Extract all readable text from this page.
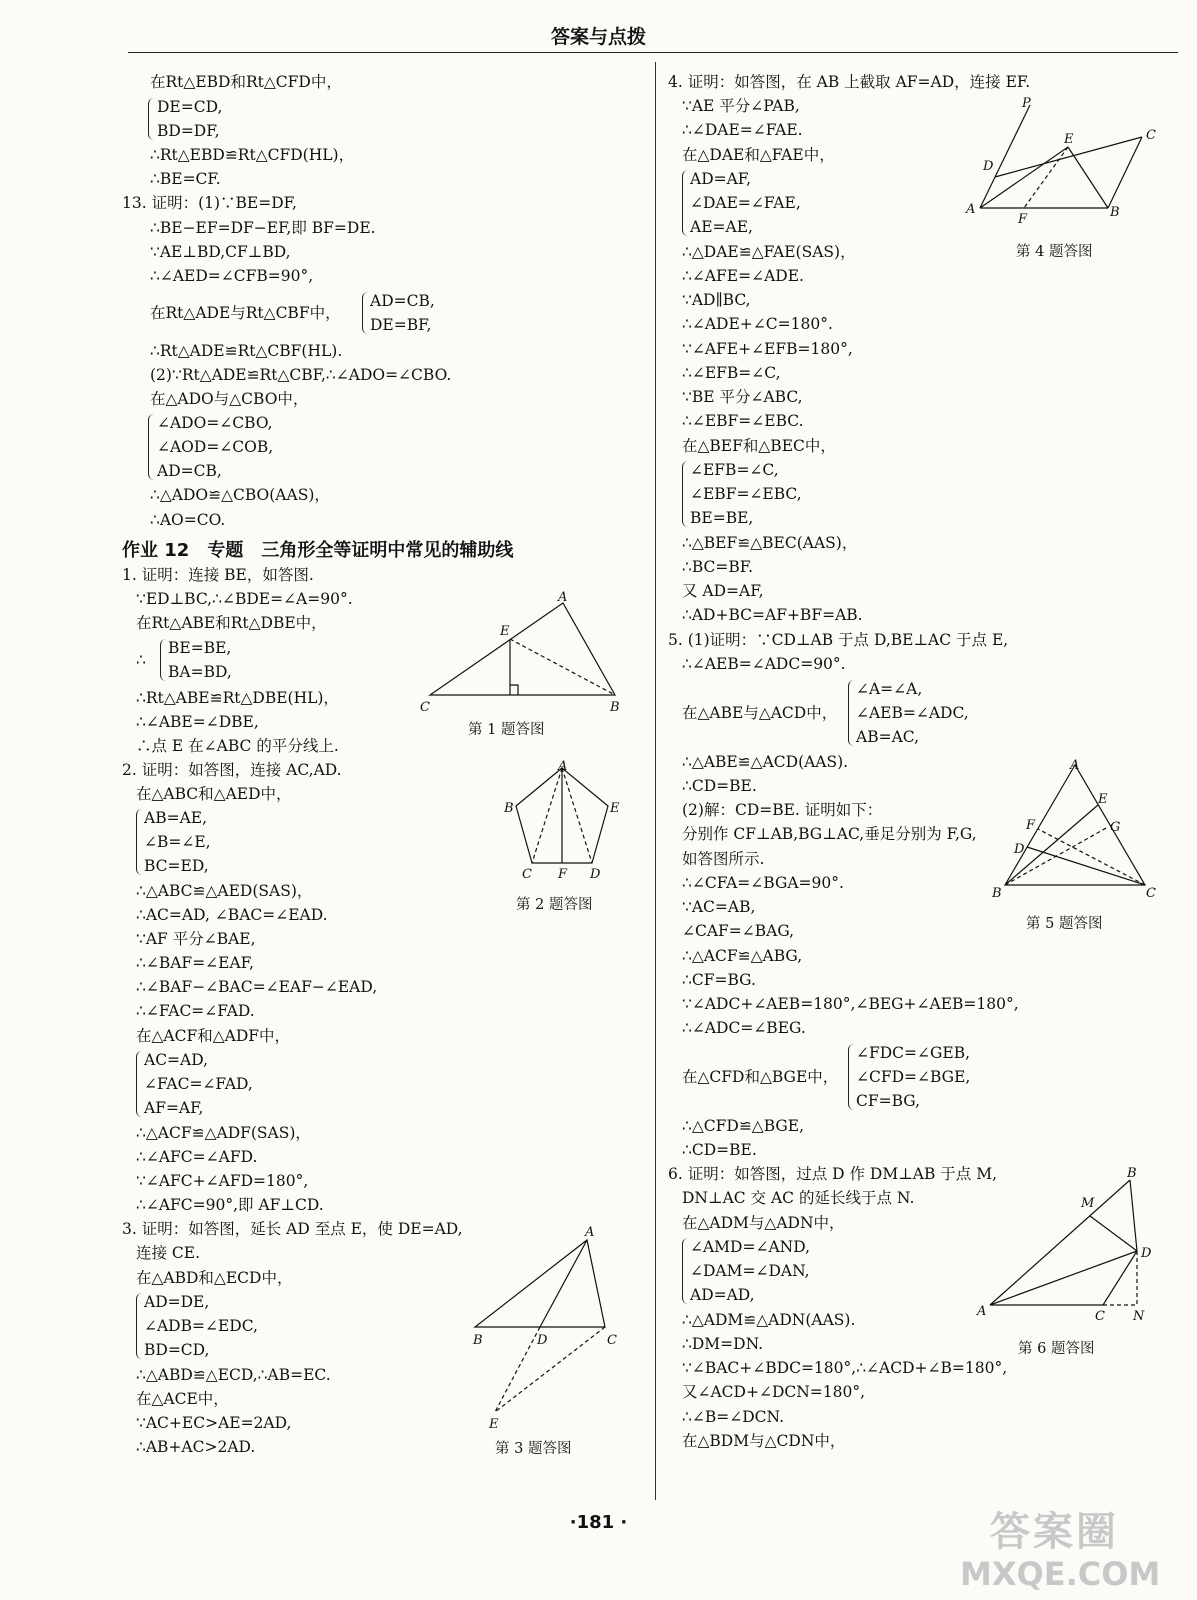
答案与点拨
在Rt△EBD和Rt△CFD中，
DE=CD,
BD=DF,
∴Rt△EBD≌Rt△CFD(HL)，
∴BE=CF.
13. 证明：(1)∵BE=DF,
∴BE−EF=DF−EF,即 BF=DE.
∵AE⊥BD,CF⊥BD,
∴∠AED=∠CFB=90°,
在Rt△ADE与Rt△CBF中，
AD=CB,
DE=BF,
∴Rt△ADE≌Rt△CBF(HL).
(2)∵Rt△ADE≌Rt△CBF,∴∠ADO=∠CBO.
在△ADO与△CBO中，
∠ADO=∠CBO,
∠AOD=∠COB,
AD=CB,
∴△ADO≌△CBO(AAS)，
∴AO=CO.
作业 12　专题　三角形全等证明中常见的辅助线
1. 证明：连接 BE，如答图.
∵ED⊥BC,∴∠BDE=∠A=90°.
在Rt△ABE和Rt△DBE中，
∴
BE=BE,
BA=BD,
∴Rt△ABE≌Rt△DBE(HL)，
∴∠ABE=∠DBE,
∴点 E 在∠ABC 的平分线上.
2. 证明：如答图，连接 AC,AD.
在△ABC和△AED中，
AB=AE,
∠B=∠E,
BC=ED,
∴△ABC≌△AED(SAS)，
∴AC=AD, ∠BAC=∠EAD.
∵AF 平分∠BAE,
∴∠BAF=∠EAF,
∴∠BAF−∠BAC=∠EAF−∠EAD,
∴∠FAC=∠FAD.
在△ACF和△ADF中，
AC=AD,
∠FAC=∠FAD,
AF=AF,
∴△ACF≌△ADF(SAS)，
∴∠AFC=∠AFD.
∵∠AFC+∠AFD=180°,
∴∠AFC=90°,即 AF⊥CD.
3. 证明：如答图，延长 AD 至点 E，使 DE=AD,
连接 CE.
在△ABD和△ECD中，
AD=DE,
∠ADB=∠EDC,
BD=CD,
∴△ABD≌△ECD,∴AB=EC.
在△ACE中，
∵AC+EC>AE=2AD,
∴AB+AC>2AD.
4. 证明：如答图，在 AB 上截取 AF=AD，连接 EF.
∵AE 平分∠PAB,
∴∠DAE=∠FAE.
在△DAE和△FAE中，
AD=AF,
∠DAE=∠FAE,
AE=AE,
∴△DAE≌△FAE(SAS)，
∴∠AFE=∠ADE.
∵AD∥BC,
∴∠ADE+∠C=180°.
∵∠AFE+∠EFB=180°,
∴∠EFB=∠C,
∵BE 平分∠ABC,
∴∠EBF=∠EBC.
在△BEF和△BEC中，
∠EFB=∠C,
∠EBF=∠EBC,
BE=BE,
∴△BEF≌△BEC(AAS)，
∴BC=BF.
又 AD=AF,
∴AD+BC=AF+BF=AB.
5. (1)证明：∵CD⊥AB 于点 D,BE⊥AC 于点 E,
∴∠AEB=∠ADC=90°.
在△ABE与△ACD中，
∠A=∠A,
∠AEB=∠ADC,
AB=AC,
∴△ABE≌△ACD(AAS).
∴CD=BE.
(2)解：CD=BE. 证明如下：
分别作 CF⊥AB,BG⊥AC,垂足分别为 F,G,
如答图所示.
∴∠CFA=∠BGA=90°.
∵AC=AB,
∠CAF=∠BAG,
∴△ACF≌△ABG,
∴CF=BG.
∵∠ADC+∠AEB=180°,∠BEG+∠AEB=180°,
∴∠ADC=∠BEG.
在△CFD和△BGE中，
∠FDC=∠GEB,
∠CFD=∠BGE,
CF=BG,
∴△CFD≌△BGE,
∴CD=BE.
6. 证明：如答图，过点 D 作 DM⊥AB 于点 M,
DN⊥AC 交 AC 的延长线于点 N.
在△ADM与△ADN中，
∠AMD=∠AND,
∠DAM=∠DAN,
AD=AD,
∴△ADM≌△ADN(AAS).
∴DM=DN.
∵∠BAC+∠BDC=180°,∴∠ACD+∠B=180°,
又∠ACD+∠DCN=180°,
∴∠B=∠DCN.
在△BDM与△CDN中，
A
E
C	B
第 1 题答图
A
B	E
C F D
第 2 题答图
A
B	D	C
E
第 3 题答图
P
C
E
D
A
F	B
第 4 题答图
A
E
F	G
D
B	C
第 5 题答图
B
M
D
A	C N
第 6 题答图
·181 ·	答案圈
MXQE.COM
